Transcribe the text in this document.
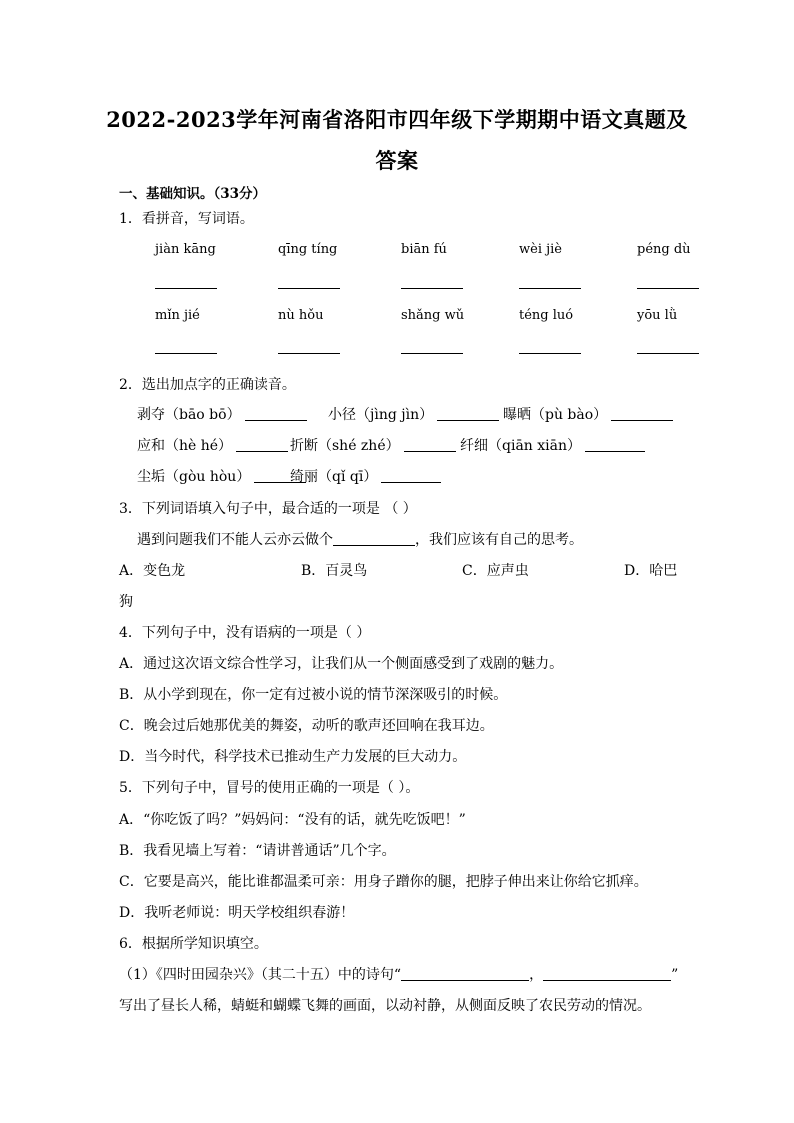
2022-2023学年河南省洛阳市四年级下学期期中语文真题及
答案
一、基础知识。（33分）
1．看拼音，写词语。
jiàn kāng	qīng tíng	biān fú	wèi jiè	péng dù
mǐn jié	nù hǒu	shǎng wǔ	téng luó	yōu lǜ
2．选出加点字的正确读音。
剥夺（bāo bō）	小径（jìng jìn）	曝晒（pù bào）
应和（hè hé）	折断（shé zhé）	纤细（qiān xiān）
尘垢（gòu hòu）	绮丽（qǐ qī）
3．下列词语填入句子中，最合适的一项是 （ ）
遇到问题我们不能人云亦云做个	，我们应该有自己的思考。
A．变色龙	B．百灵鸟	C．应声虫	D．哈巴
狗
4．下列句子中，没有语病的一项是（ ）
A．通过这次语文综合性学习，让我们从一个侧面感受到了戏剧的魅力。
B．从小学到现在，你一定有过被小说的情节深深吸引的时候。
C．晚会过后她那优美的舞姿，动听的歌声还回响在我耳边。
D．当今时代，科学技术已推动生产力发展的巨大动力。
5．下列句子中，冒号的使用正确的一项是（ ）。
A．“你吃饭了吗？”妈妈问：“没有的话，就先吃饭吧！”
B．我看见墙上写着：“请讲普通话”几个字。
C．它要是高兴，能比谁都温柔可亲：用身子蹭你的腿，把脖子伸出来让你给它抓痒。
D．我听老师说：明天学校组织春游！
6．根据所学知识填空。
（1）《四时田园杂兴》（其二十五）中的诗句“	，	”
写出了昼长人稀，蜻蜓和蝴蝶飞舞的画面，以动衬静，从侧面反映了农民劳动的情况。
